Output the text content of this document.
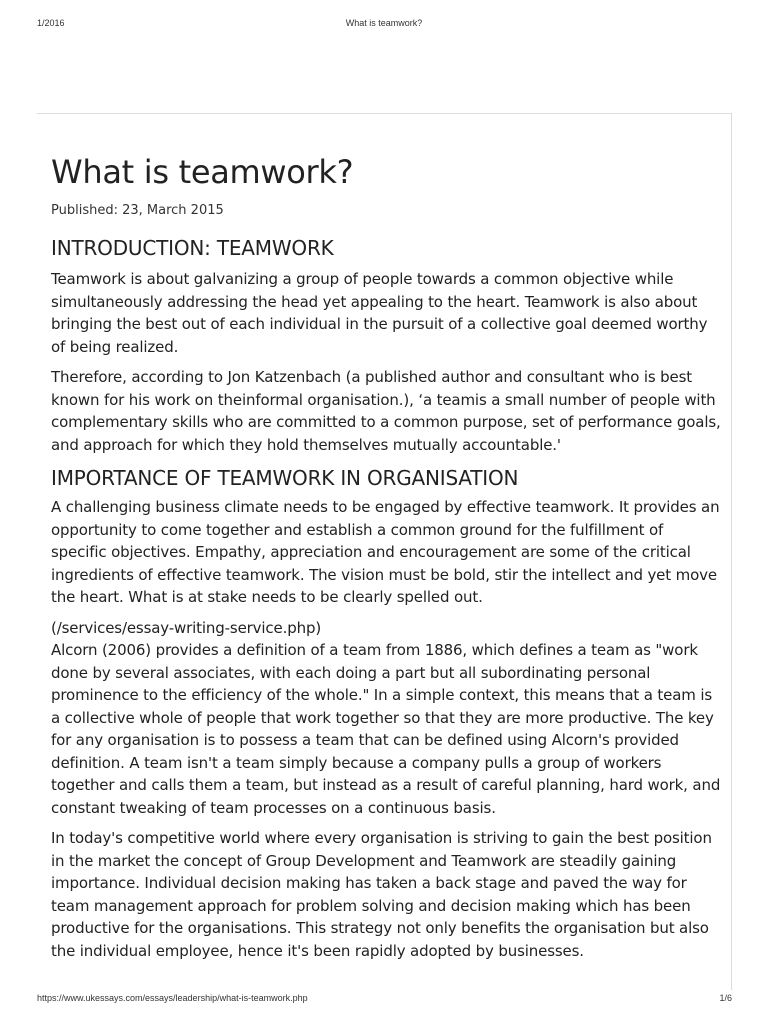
1/2016	What is teamwork?
What is teamwork?
Published: 23, March 2015
INTRODUCTION: TEAMWORK

Teamwork is about galvanizing a group of people towards a common objective while simultaneously addressing the head yet appealing to the heart. Teamwork is also about bringing the best out of each individual in the pursuit of a collective goal deemed worthy of being realized.

Therefore, according to Jon Katzenbach (a published author and consultant who is best known for his work on theinformal organisation.), ‘a teamis a small number of people with complementary skills who are committed to a common purpose, set of performance goals, and approach for which they hold themselves mutually accountable.'

IMPORTANCE OF TEAMWORK IN ORGANISATION

A challenging business climate needs to be engaged by effective teamwork. It provides an opportunity to come together and establish a common ground for the fulfillment of specific objectives. Empathy, appreciation and encouragement are some of the critical ingredients of effective teamwork. The vision must be bold, stir the intellect and yet move the heart. What is at stake needs to be clearly spelled out.

(/services/essay-writing-service.php)

Alcorn (2006) provides a definition of a team from 1886, which defines a team as "work done by several associates, with each doing a part but all subordinating personal prominence to the efficiency of the whole." In a simple context, this means that a team is a collective whole of people that work together so that they are more productive. The key for any organisation is to possess a team that can be defined using Alcorn's provided definition. A team isn't a team simply because a company pulls a group of workers together and calls them a team, but instead as a result of careful planning, hard work, and constant tweaking of team processes on a continuous basis.

In today's competitive world where every organisation is striving to gain the best position in the market the concept of Group Development and Teamwork are steadily gaining importance. Individual decision making has taken a back stage and paved the way for team management approach for problem solving and decision making which has been productive for the organisations. This strategy not only benefits the organisation but also the individual employee, hence it's been rapidly adopted by businesses.

https://www.ukessays.com/essays/leadership/what-is-teamwork.php	1/6
